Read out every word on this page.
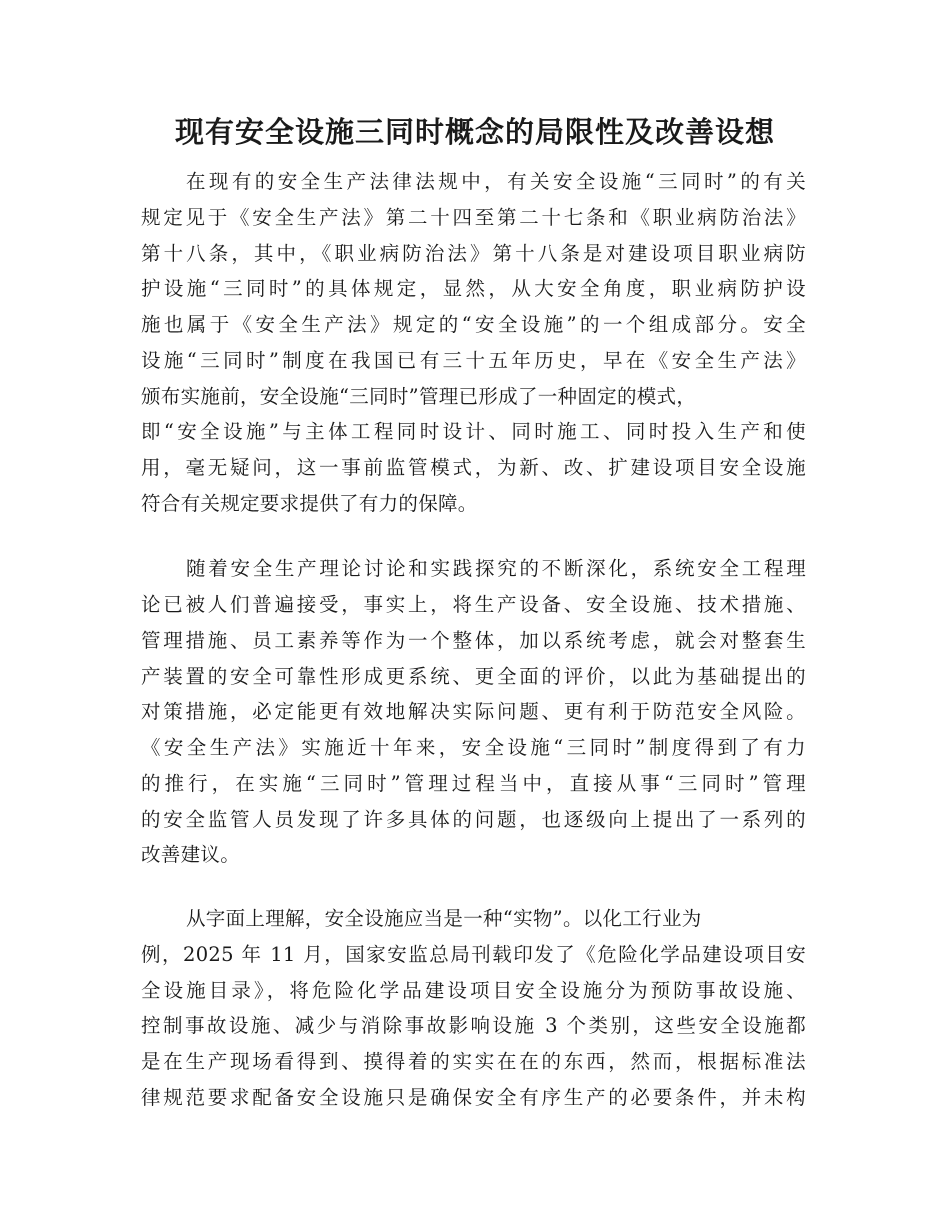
现有安全设施三同时概念的局限性及改善设想
在现有的安全生产法律法规中，有关安全设施“三同时”的有关
规定见于《安全生产法》第二十四至第二十七条和《职业病防治法》
第十八条，其中，《职业病防治法》第十八条是对建设项目职业病防
护设施“三同时”的具体规定，显然，从大安全角度，职业病防护设
施也属于《安全生产法》规定的“安全设施”的一个组成部分。安全
设施“三同时”制度在我国已有三十五年历史，早在《安全生产法》
颁布实施前，安全设施“三同时”管理已形成了一种固定的模式，
即“安全设施”与主体工程同时设计、同时施工、同时投入生产和使
用，毫无疑问，这一事前监管模式，为新、改、扩建设项目安全设施
符合有关规定要求提供了有力的保障。
随着安全生产理论讨论和实践探究的不断深化，系统安全工程理
论已被人们普遍接受，事实上，将生产设备、安全设施、技术措施、
管理措施、员工素养等作为一个整体，加以系统考虑，就会对整套生
产装置的安全可靠性形成更系统、更全面的评价，以此为基础提出的
对策措施，必定能更有效地解决实际问题、更有利于防范安全风险。
《安全生产法》实施近十年来，安全设施“三同时”制度得到了有力
的推行，在实施“三同时”管理过程当中，直接从事“三同时”管理
的安全监管人员发现了许多具体的问题，也逐级向上提出了一系列的
改善建议。
从字面上理解，安全设施应当是一种“实物”。以化工行业为
例，2025 年 11 月，国家安监总局刊载印发了《危险化学品建设项目安
全设施目录》，将危险化学品建设项目安全设施分为预防事故设施、
控制事故设施、减少与消除事故影响设施 3 个类别，这些安全设施都
是在生产现场看得到、摸得着的实实在在的东西，然而，根据标准法
律规范要求配备安全设施只是确保安全有序生产的必要条件，并未构
